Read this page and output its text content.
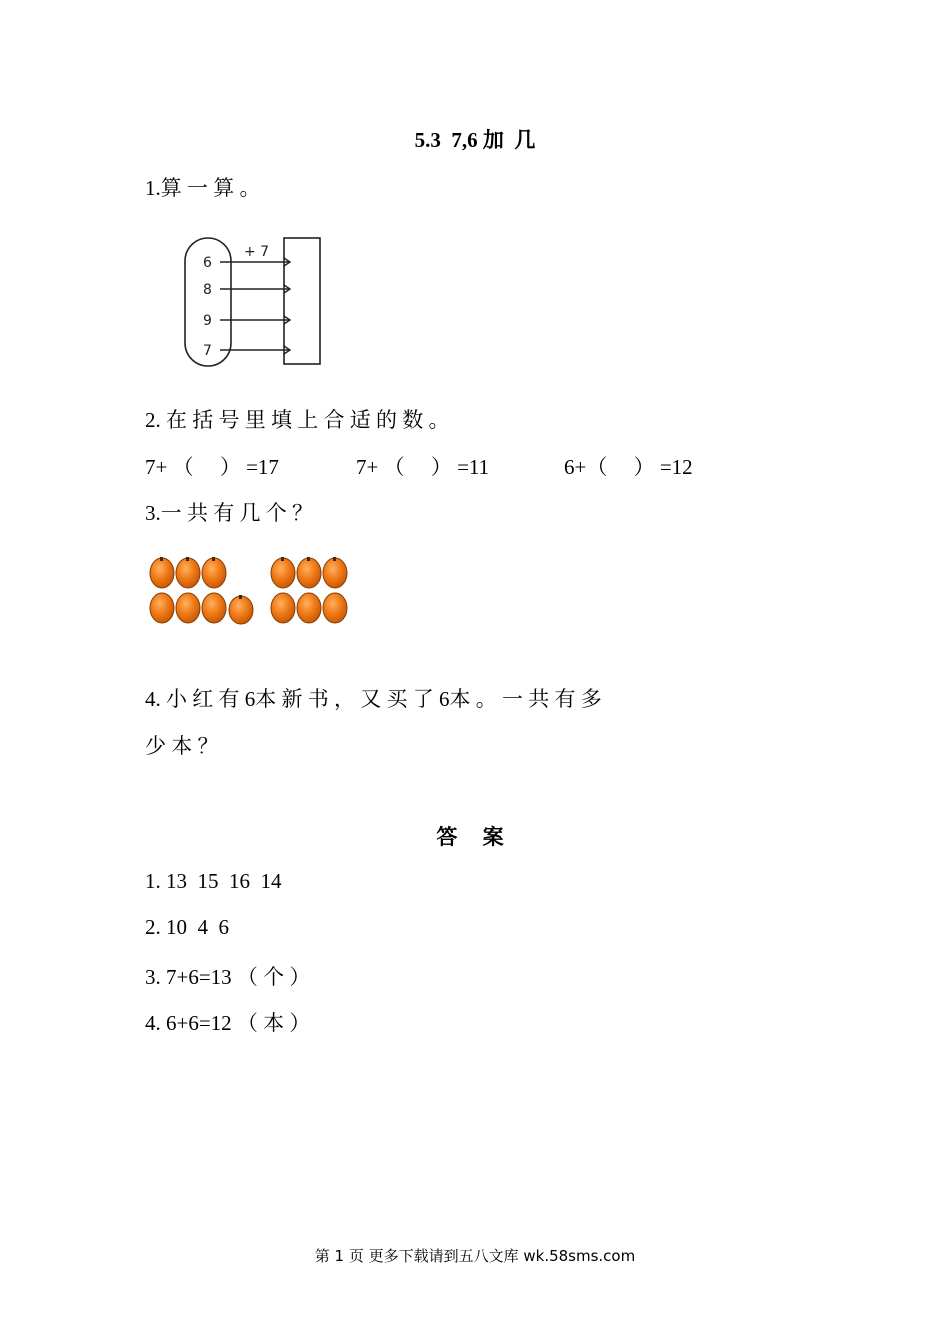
5.3  7,6 加  几
1.算 一 算 。
+ 7
6
8
9
7
2. 在 括 号 里 填 上 合 适 的 数 。
7+ （     ） =17	7+ （     ） =11	6+（     ） =12
3.一 共 有 几 个 ？
4. 小 红 有 6本 新 书 ， 又 买 了 6本 。 一 共 有 多
少 本 ？
答 案
1. 13  15  16  14
2. 10  4  6
3. 7+6=13 （ 个 ）
4. 6+6=12 （ 本 ）
第 1 页 更多下载请到五八文库 wk.58sms.com
